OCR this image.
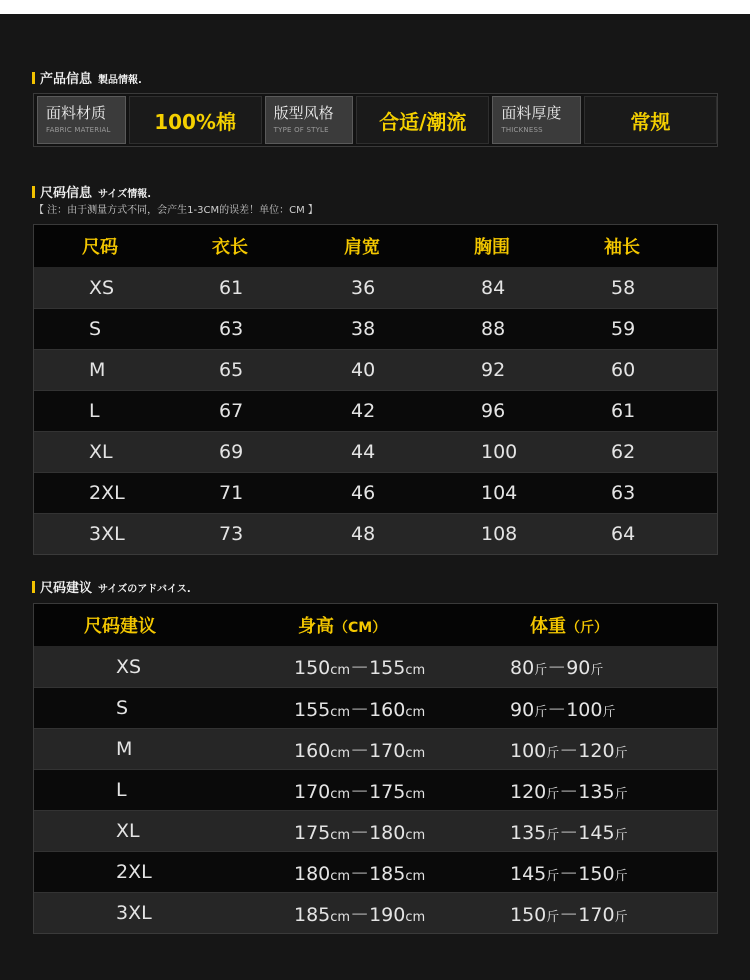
产品信息 製品情報.
面料材质
FABRIC MATERIAL	100%棉	版型风格
TYPE OF STYLE	合适/潮流	面料厚度
THICKNESS	常规
尺码信息 サイズ情報.
【 注：由于测量方式不同，会产生1-3CM的误差！单位：CM 】
尺码	衣长	肩宽	胸围	袖长
XS	61	36	84	58
S	63	38	88	59
M	65	40	92	60
L	67	42	96	61
XL	69	44	100	62
2XL	71	46	104	63
3XL	73	48	108	64
尺码建议 サイズのアドバイス.
尺码建议	身高（CM）	体重（斤）
XS	150cm－155cm	80斤－90斤
S	155cm－160cm	90斤－100斤
M	160cm－170cm	100斤－120斤
L	170cm－175cm	120斤－135斤
XL	175cm－180cm	135斤－145斤
2XL	180cm－185cm	145斤－150斤
3XL	185cm－190cm	150斤－170斤
